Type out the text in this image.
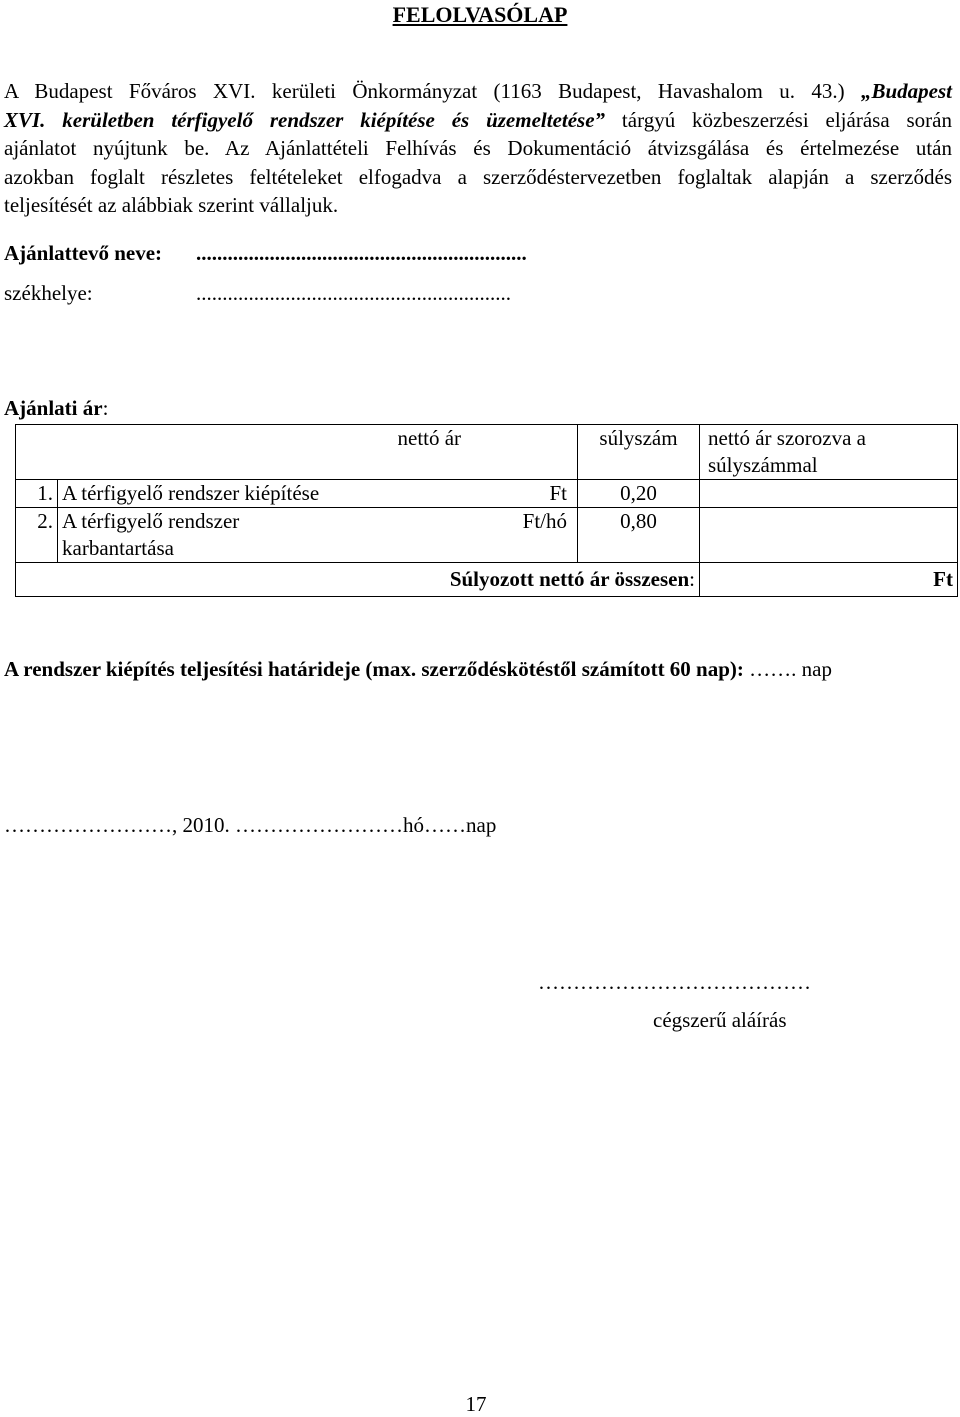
FELOLVASÓLAP
A Budapest Főváros XVI. kerületi Önkormányzat (1163 Budapest, Havashalom u. 43.) „Budapest
XVI. kerületben térfigyelő rendszer kiépítése és üzemeltetése” tárgyú közbeszerzési eljárása során
ajánlatot nyújtunk be. Az Ajánlattételi Felhívás és Dokumentáció átvizsgálása és értelmezése után
azokban foglalt részletes feltételeket elfogadva a szerződéstervezetben foglaltak alapján a szerződés
teljesítését az alábbiak szerint vállaljuk.
Ajánlattevő neve: ...............................................................
székhelye:	............................................................
Ajánlati ár:
		nettó ár	súlyszám	nettó ár szorozva a súlyszámmal
1.	A térfigyelő rendszer kiépítése	Ft	0,20	
2.	A térfigyelő rendszer karbantartása	Ft/hó	0,80	
Súlyozott nettó ár összesen:				Ft
A rendszer kiépítés teljesítési határideje (max. szerződéskötéstől számított 60 nap): ……. nap
……………………, 2010. ……………………hó……nap
…………………………………
cégszerű aláírás
17
